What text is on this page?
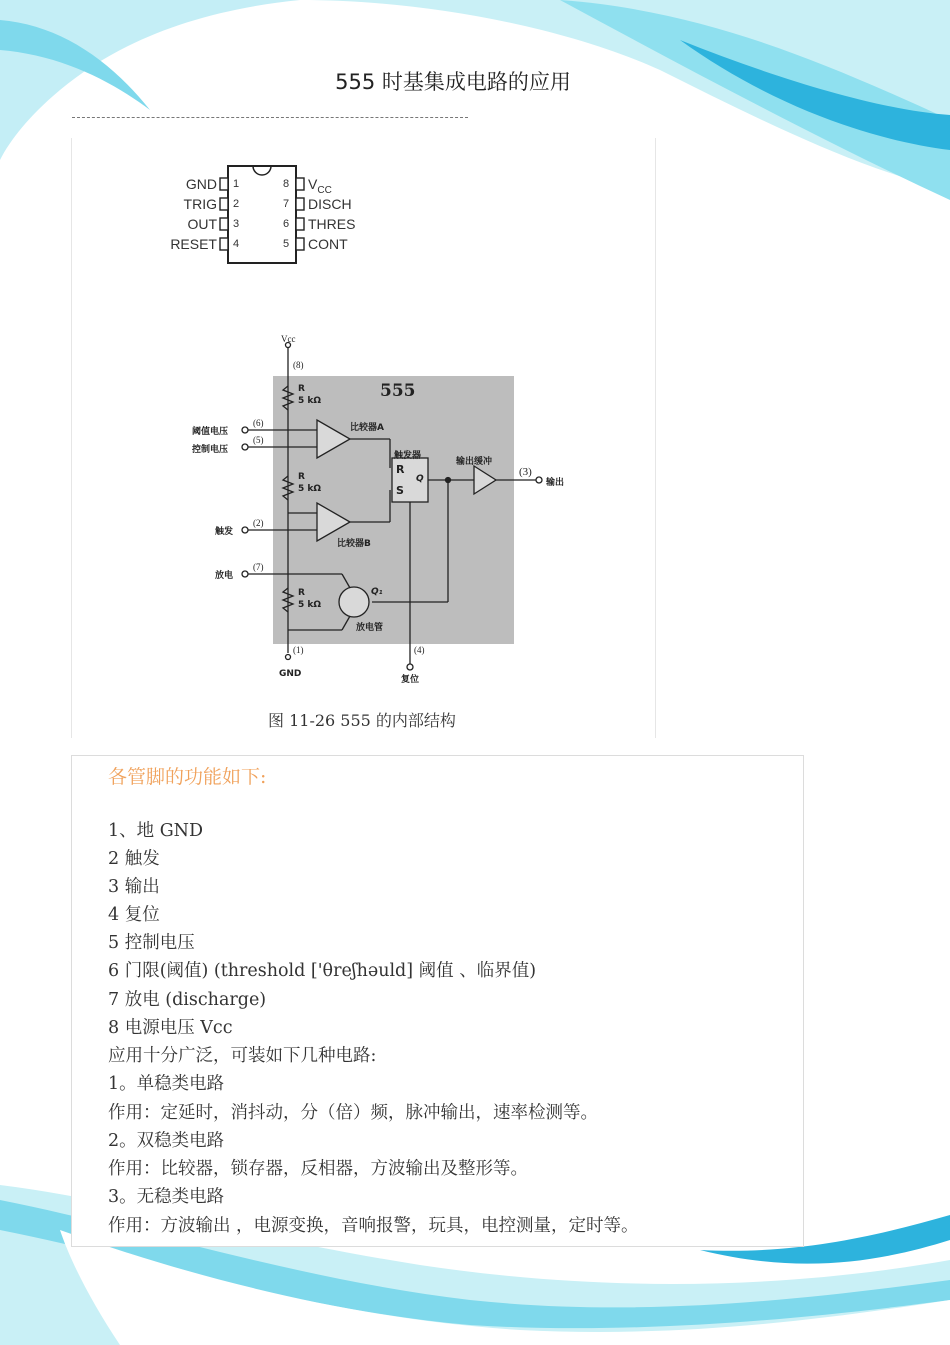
555 时基集成电路的应用
GND
TRIG
OUT
RESET
1
2
3
4
8
7
6
5
$V_{CC}$
DISCH
THRES
CONT
Vcc
(8)
555
R
5 kΩ
R
5 kΩ
R
5 kΩ
阈值电压
(6)
控制电压
(5)
比较器A
触发
(2)
比较器B
触发器
R
S
Q
输出缓冲
(3)
输出
放电
(7)
Q₁
放电管
(1)
GND
(4)
复位
图 11-26 555 的内部结构
各管脚的功能如下:
1、地 GND
2 触发
3 输出
4 复位
5 控制电压
6 门限(阈值) (threshold ['θreʃhəuld] 阈值 、临界值)
7 放电 (discharge)
8 电源电压 Vcc
应用十分广泛，可装如下几种电路:
1。单稳类电路
作用：定延时，消抖动，分（倍）频，脉冲输出，速率检测等。
2。双稳类电路
作用：比较器，锁存器，反相器，方波输出及整形等。
3。无稳类电路
作用：方波输出 ，电源变换，音响报警，玩具，电控测量，定时等。
